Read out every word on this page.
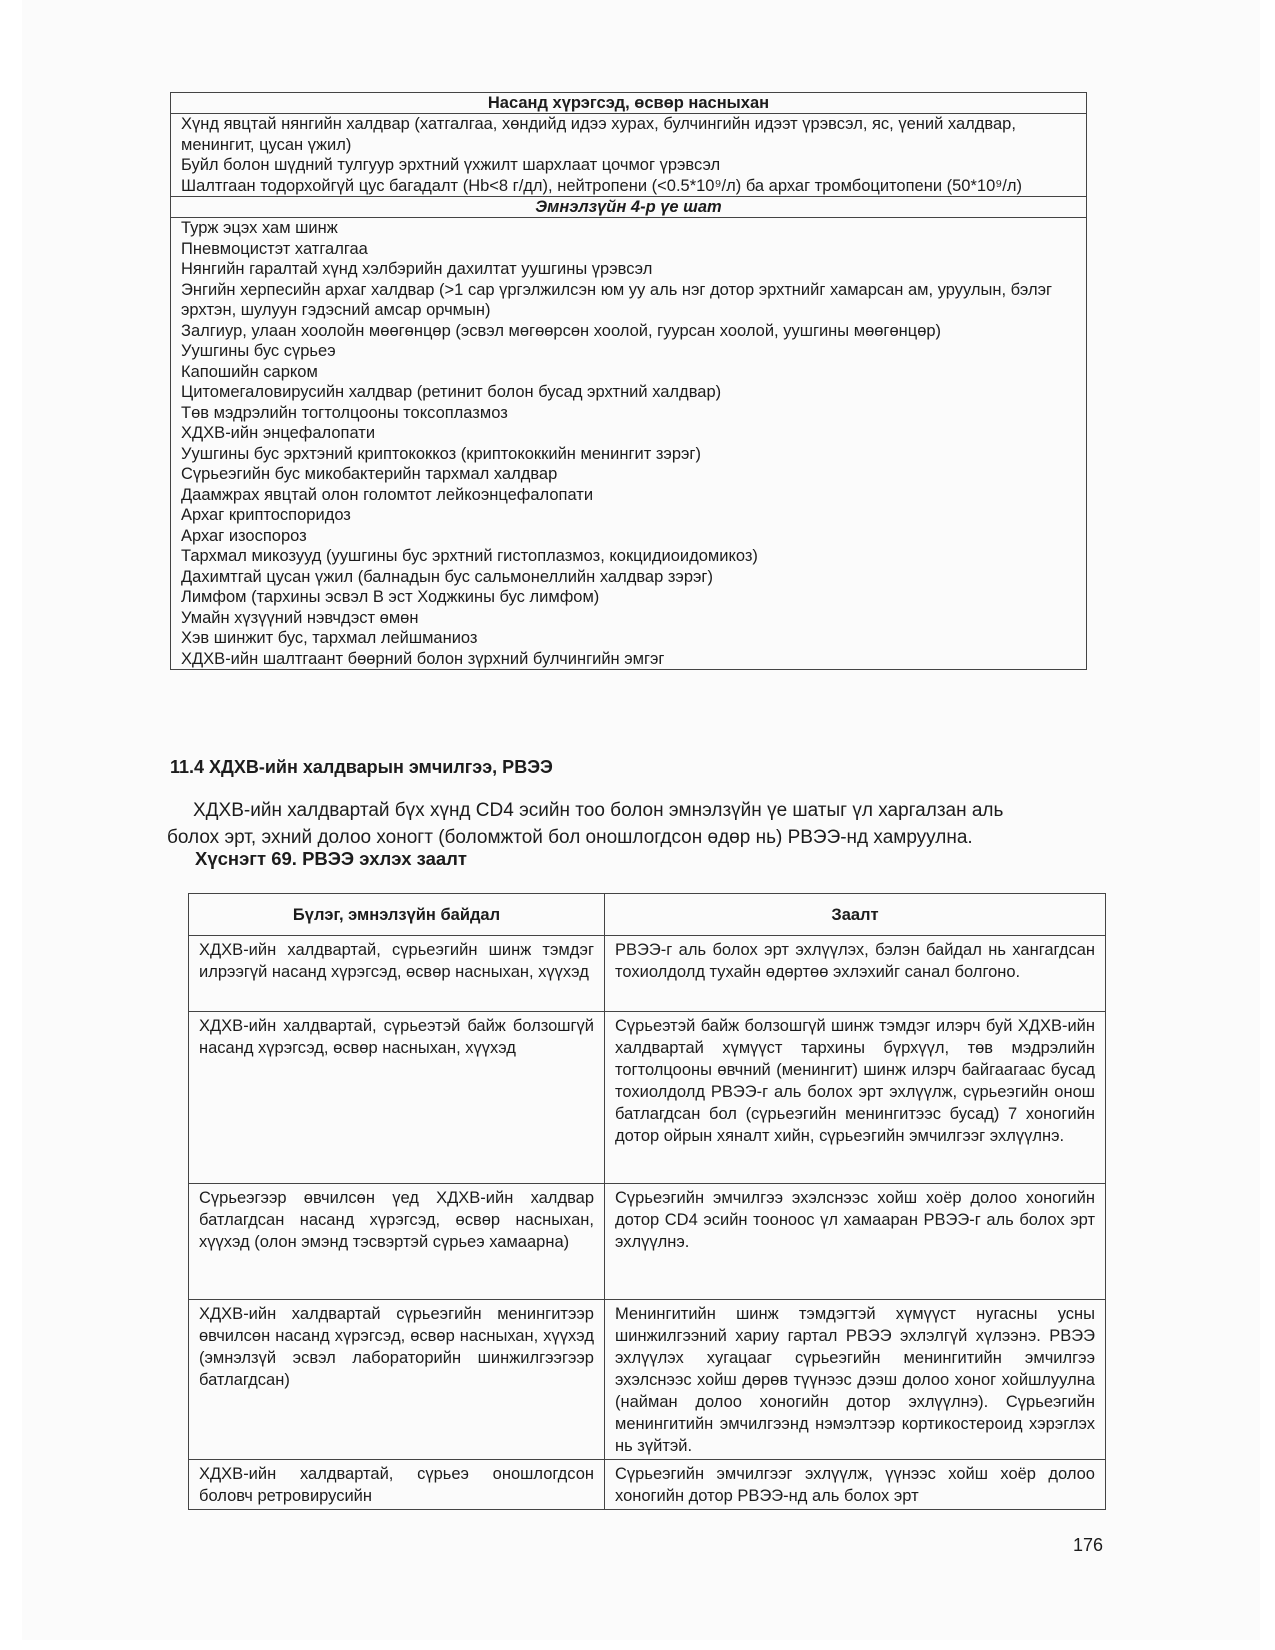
Насанд хүрэгсэд, өсвөр насныхан
Хүнд явцтай нянгийн халдвар (хатгалгаа, хөндийд идээ хурах, булчингийн идээт үрэвсэл, яс, үений халдвар, менингит, цусан үжил)
Буйл болон шүдний тулгуур эрхтний үхжилт шархлаат цочмог үрэвсэл
Шалтгаан тодорхойгүй цус багадалт (Hb<8 г/дл), нейтропени (<0.5*10⁹/л) ба архаг тромбоцитопени (50*10⁹/л)
Эмнэлзүйн 4-р үе шат
Турж эцэх хам шинж
Пневмоцистэт хатгалгаа
Нянгийн гаралтай хүнд хэлбэрийн дахилтат уушгины үрэвсэл
Энгийн херпесийн архаг халдвар (>1 сар үргэлжилсэн юм уу аль нэг дотор эрхтнийг хамарсан ам, уруулын, бэлэг эрхтэн, шулуун гэдэсний амсар орчмын)
Залгиур, улаан хоолойн мөөгөнцөр (эсвэл мөгөөрсөн хоолой, гуурсан хоолой, уушгины мөөгөнцөр)
Уушгины бус сүрьеэ
Капошийн сарком
Цитомегаловирусийн халдвар (ретинит болон бусад эрхтний халдвар)
Төв мэдрэлийн тогтолцооны токсоплазмоз
ХДХВ-ийн энцефалопати
Уушгины бус эрхтэний криптококкоз (криптококкийн менингит зэрэг)
Сүрьеэгийн бус микобактерийн тархмал халдвар
Даамжрах явцтай олон голомтот лейкоэнцефалопати
Архаг криптоспоридоз
Архаг изоспороз
Тархмал микозууд (уушгины бус эрхтний гистоплазмоз, кокцидиоидомикоз)
Дахимтгай цусан үжил (балнадын бус сальмонеллийн халдвар зэрэг)
Лимфом (тархины эсвэл В эст Ходжкины бус лимфом)
Умайн хүзүүний нэвчдэст өмөн
Хэв шинжит бус, тархмал лейшманиоз
ХДХВ-ийн шалтгаант бөөрний болон зүрхний булчингийн эмгэг
11.4 ХДХВ-ийн халдварын эмчилгээ, РВЭЭ
ХДХВ-ийн халдвартай бүх хүнд CD4 эсийн тоо болон эмнэлзүйн үе шатыг үл харгалзан аль
болох эрт, эхний долоо хоногт (боломжтой бол оношлогдсон өдөр нь) РВЭЭ-нд хамруулна.
Хүснэгт 69. РВЭЭ эхлэх заалт
Бүлэг, эмнэлзүйн байдал	Заалт
ХДХВ-ийн халдвартай, сүрьеэгийн шинж тэмдэг илрээгүй насанд хүрэгсэд, өсвөр насныхан, хүүхэд	РВЭЭ-г аль болох эрт эхлүүлэх, бэлэн байдал нь хангагдсан тохиолдолд тухайн өдөртөө эхлэхийг санал болгоно.
ХДХВ-ийн халдвартай, сүрьеэтэй байж болзошгүй насанд хүрэгсэд, өсвөр насныхан, хүүхэд	Сүрьеэтэй байж болзошгүй шинж тэмдэг илэрч буй ХДХВ-ийн халдвартай хүмүүст тархины бүрхүүл, төв мэдрэлийн тогтолцооны өвчний (менингит) шинж илэрч байгаагаас бусад тохиолдолд РВЭЭ-г аль болох эрт эхлүүлж, сүрьеэгийн онош батлагдсан бол (сүрьеэгийн менингитээс бусад) 7 хоногийн дотор ойрын хяналт хийн, сүрьеэгийн эмчилгээг эхлүүлнэ.
Сүрьеэгээр өвчилсөн үед ХДХВ-ийн халдвар батлагдсан насанд хүрэгсэд, өсвөр насныхан, хүүхэд (олон эмэнд тэсвэртэй сүрьеэ хамаарна)	Сүрьеэгийн эмчилгээ эхэлснээс хойш хоёр долоо хоногийн дотор CD4 эсийн тооноос үл хамааран РВЭЭ-г аль болох эрт эхлүүлнэ.
ХДХВ-ийн халдвартай сүрьеэгийн менингитээр өвчилсөн насанд хүрэгсэд, өсвөр насныхан, хүүхэд (эмнэлзүй эсвэл лабораторийн шинжилгээгээр батлагдсан)	Менингитийн шинж тэмдэгтэй хүмүүст нугасны усны шинжилгээний хариу гартал РВЭЭ эхлэлгүй хүлээнэ. РВЭЭ эхлүүлэх хугацааг сүрьеэгийн менингитийн эмчилгээ эхэлснээс хойш дөрөв түүнээс дээш долоо хоног хойшлуулна (найман долоо хоногийн дотор эхлүүлнэ). Сүрьеэгийн менингитийн эмчилгээнд нэмэлтээр кортикостероид хэрэглэх нь зүйтэй.
ХДХВ-ийн халдвартай, сүрьеэ оношлогдсон боловч ретровирусийн	Сүрьеэгийн эмчилгээг эхлүүлж, үүнээс хойш хоёр долоо хоногийн дотор РВЭЭ-нд аль болох эрт
176
